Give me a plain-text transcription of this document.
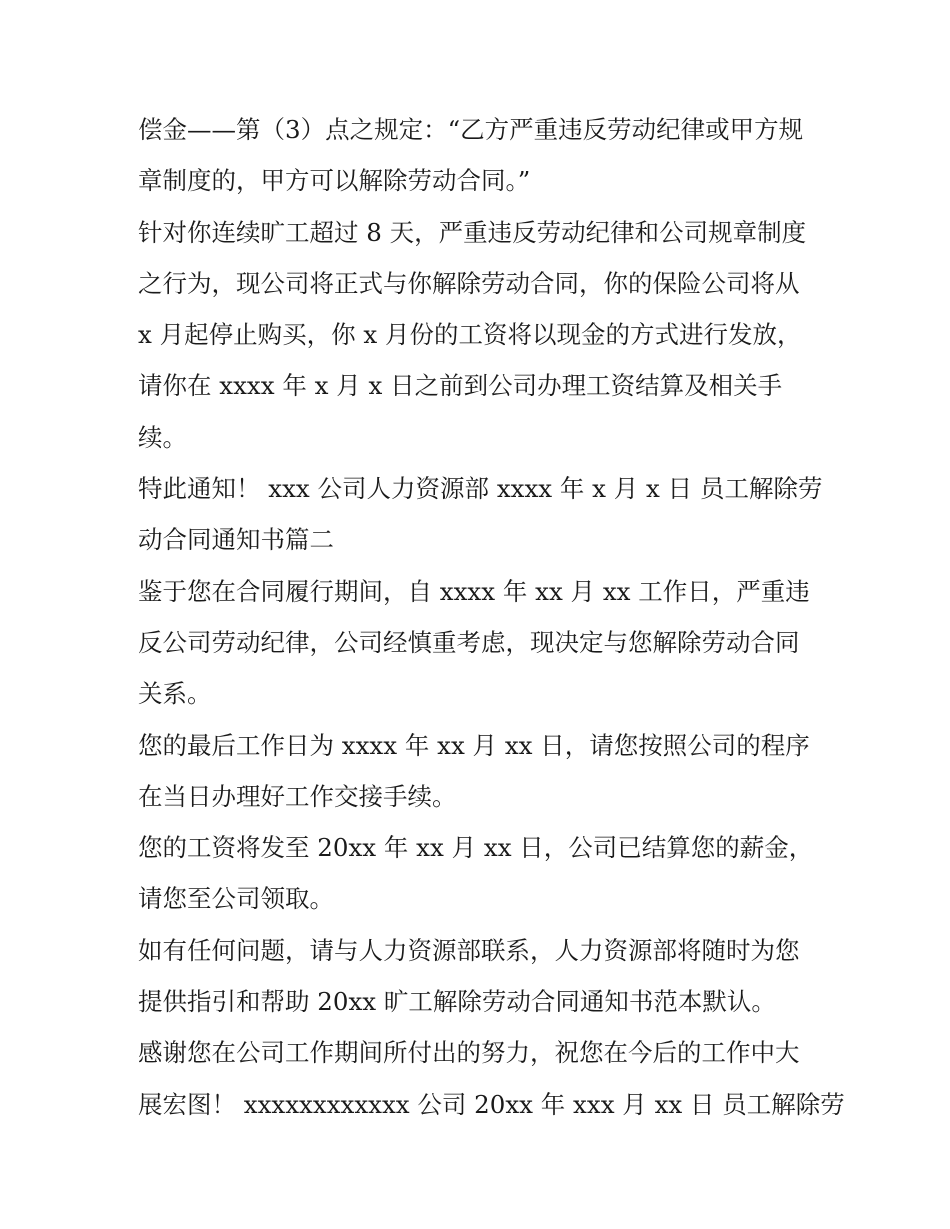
偿金——第（3）点之规定：“乙方严重违反劳动纪律或甲方规
章制度的，甲方可以解除劳动合同。”
针对你连续旷工超过 8 天，严重违反劳动纪律和公司规章制度
之行为，现公司将正式与你解除劳动合同，你的保险公司将从
x 月起停止购买，你 x 月份的工资将以现金的方式进行发放，
请你在 xxxx 年 x 月 x 日之前到公司办理工资结算及相关手
续。
特此通知！ xxx 公司人力资源部 xxxx 年 x 月 x 日 员工解除劳
动合同通知书篇二
鉴于您在合同履行期间，自 xxxx 年 xx 月 xx 工作日，严重违
反公司劳动纪律，公司经慎重考虑，现决定与您解除劳动合同
关系。
您的最后工作日为 xxxx 年 xx 月 xx 日，请您按照公司的程序
在当日办理好工作交接手续。
您的工资将发至 20xx 年 xx 月 xx 日，公司已结算您的薪金，
请您至公司领取。
如有任何问题，请与人力资源部联系，人力资源部将随时为您
提供指引和帮助 20xx 旷工解除劳动合同通知书范本默认。
感谢您在公司工作期间所付出的努力，祝您在今后的工作中大
展宏图！ xxxxxxxxxxxx 公司 20xx 年 xxx 月 xx 日 员工解除劳
